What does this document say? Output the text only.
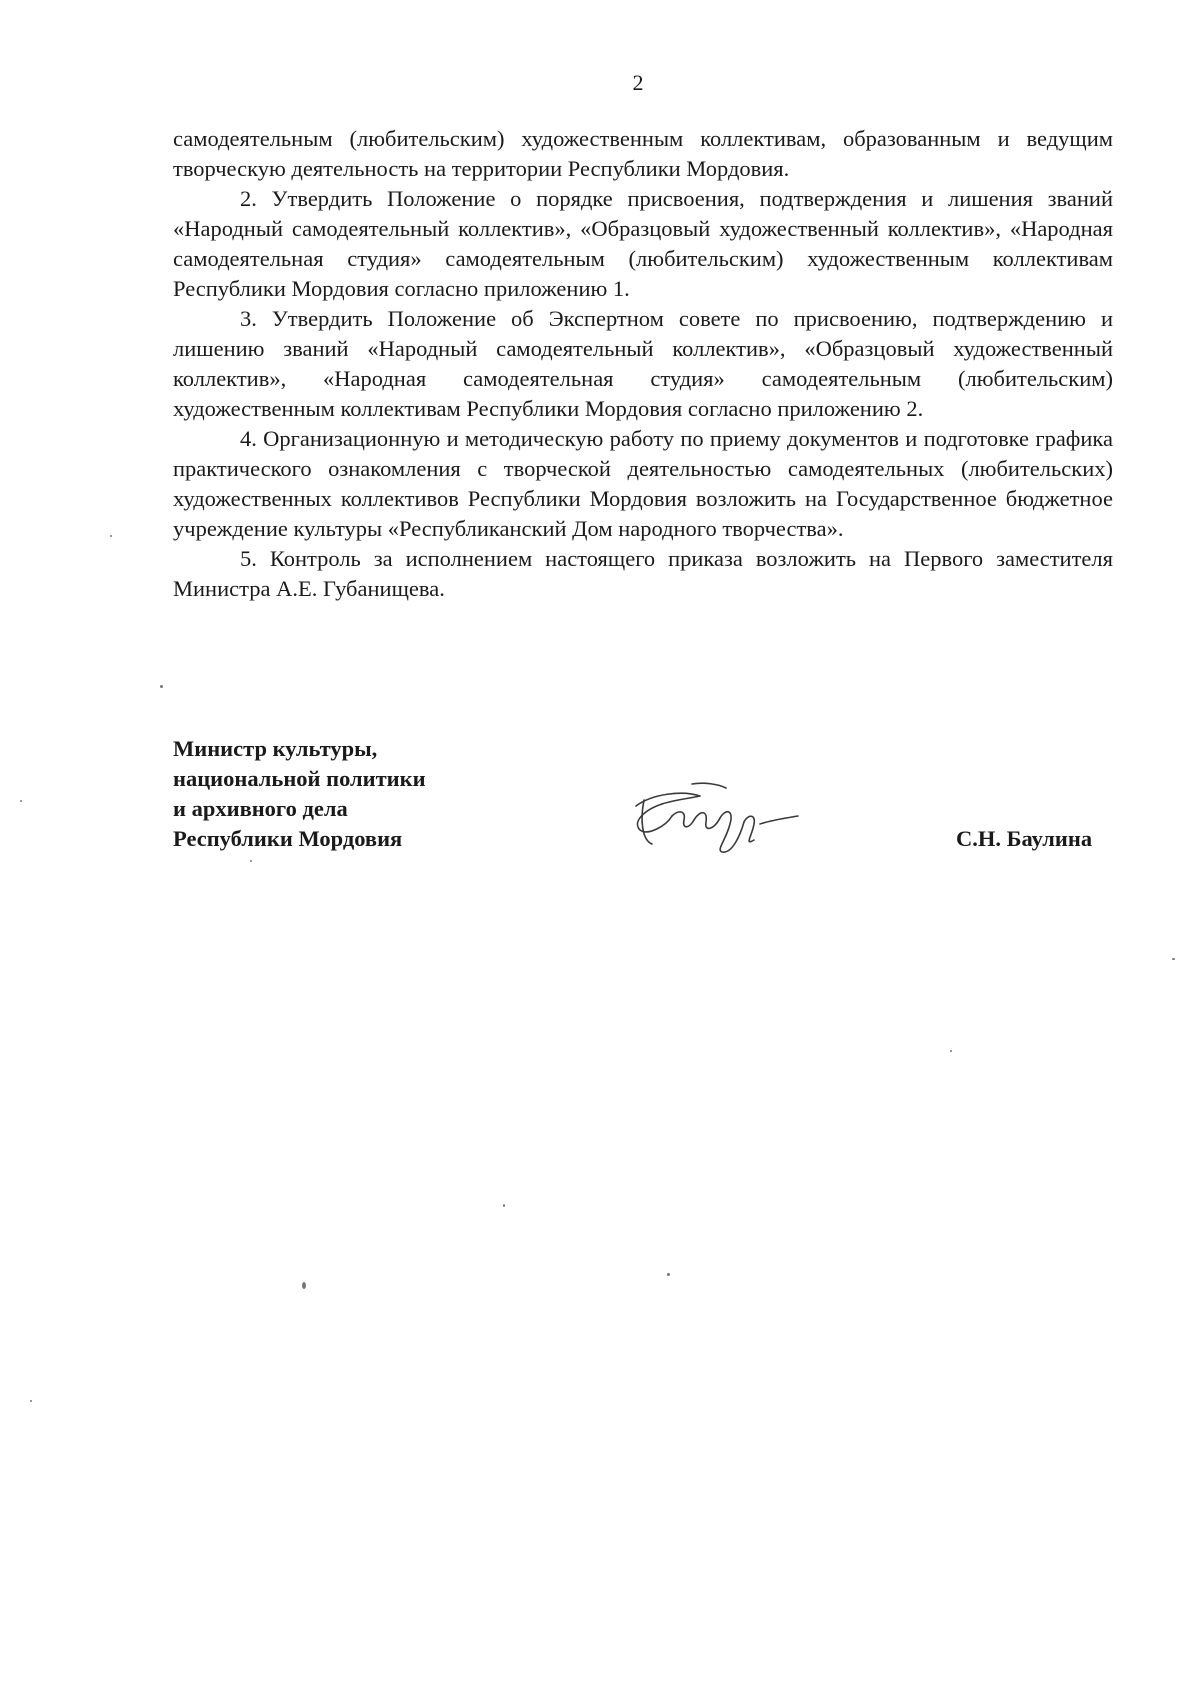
2

самодеятельным (любительским) художественным коллективам, образованным и ведущим творческую деятельность на территории Республики Мордовия.

2. Утвердить Положение о порядке присвоения, подтверждения и лишения званий «Народный самодеятельный коллектив», «Образцовый художественный коллектив», «Народная самодеятельная студия» самодеятельным (любительским) художественным коллективам Республики Мордовия согласно приложению 1.

3. Утвердить Положение об Экспертном совете по присвоению, подтверждению и лишению званий «Народный самодеятельный коллектив», «Образцовый художественный коллектив», «Народная самодеятельная студия» самодеятельным (любительским) художественным коллективам Республики Мордовия согласно приложению 2.

4. Организационную и методическую работу по приему документов и подготовке графика практического ознакомления с творческой деятельностью самодеятельных (любительских) художественных коллективов Республики Мордовия возложить на Государственное бюджетное учреждение культуры «Республиканский Дом народного творчества».

5. Контроль за исполнением настоящего приказа возложить на Первого заместителя Министра А.Е. Губанищева.

Министр культуры,
национальной политики
и архивного дела
Республики Мордовия	С.Н. Баулина
